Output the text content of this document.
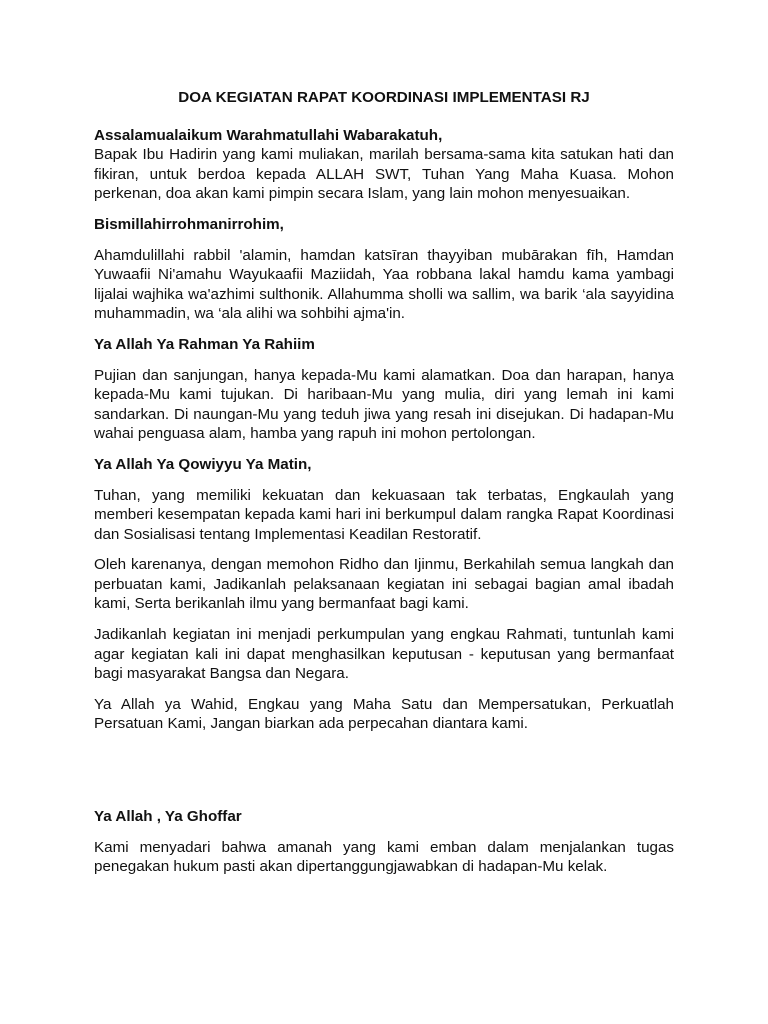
DOA KEGIATAN RAPAT KOORDINASI IMPLEMENTASI RJ

Assalamualaikum Warahmatullahi Wabarakatuh,

Bapak Ibu Hadirin yang kami muliakan, marilah bersama-sama kita satukan hati dan fikiran, untuk berdoa kepada ALLAH SWT, Tuhan Yang Maha Kuasa. Mohon perkenan, doa akan kami pimpin secara Islam, yang lain mohon menyesuaikan.

Bismillahirrohmanirrohim,

Ahamdulillahi rabbil 'alamin, hamdan katsīran thayyiban mubārakan fīh, Hamdan Yuwaafii Ni'amahu Wayukaafii Maziidah, Yaa robbana lakal hamdu kama yambagi lijalai wajhika wa'azhimi sulthonik. Allahumma sholli wa sallim, wa barik ‘ala sayyidina muhammadin, wa ‘ala alihi wa sohbihi ajma'in.

Ya Allah Ya Rahman Ya Rahiim

Pujian dan sanjungan, hanya kepada-Mu kami alamatkan. Doa dan harapan, hanya kepada-Mu kami tujukan. Di haribaan-Mu yang mulia, diri yang lemah ini kami sandarkan. Di naungan-Mu yang teduh jiwa yang resah ini disejukan. Di hadapan-Mu wahai penguasa alam, hamba yang rapuh ini mohon pertolongan.

Ya Allah Ya Qowiyyu Ya Matin,

Tuhan, yang memiliki kekuatan dan kekuasaan tak terbatas, Engkaulah yang memberi kesempatan kepada kami hari ini berkumpul dalam rangka Rapat Koordinasi dan Sosialisasi tentang Implementasi Keadilan Restoratif.

Oleh karenanya, dengan memohon Ridho dan Ijinmu, Berkahilah semua langkah dan perbuatan kami, Jadikanlah pelaksanaan kegiatan ini sebagai bagian amal ibadah kami, Serta berikanlah ilmu yang bermanfaat bagi kami.

Jadikanlah kegiatan ini menjadi perkumpulan yang engkau Rahmati, tuntunlah kami agar kegiatan kali ini dapat menghasilkan keputusan - keputusan yang bermanfaat bagi masyarakat Bangsa dan Negara.

Ya Allah ya Wahid, Engkau yang Maha Satu dan Mempersatukan, Perkuatlah Persatuan Kami, Jangan biarkan ada perpecahan diantara kami.

Ya Allah , Ya Ghoffar

Kami menyadari bahwa amanah yang kami emban dalam menjalankan tugas penegakan hukum pasti akan dipertanggungjawabkan di hadapan-Mu kelak.
